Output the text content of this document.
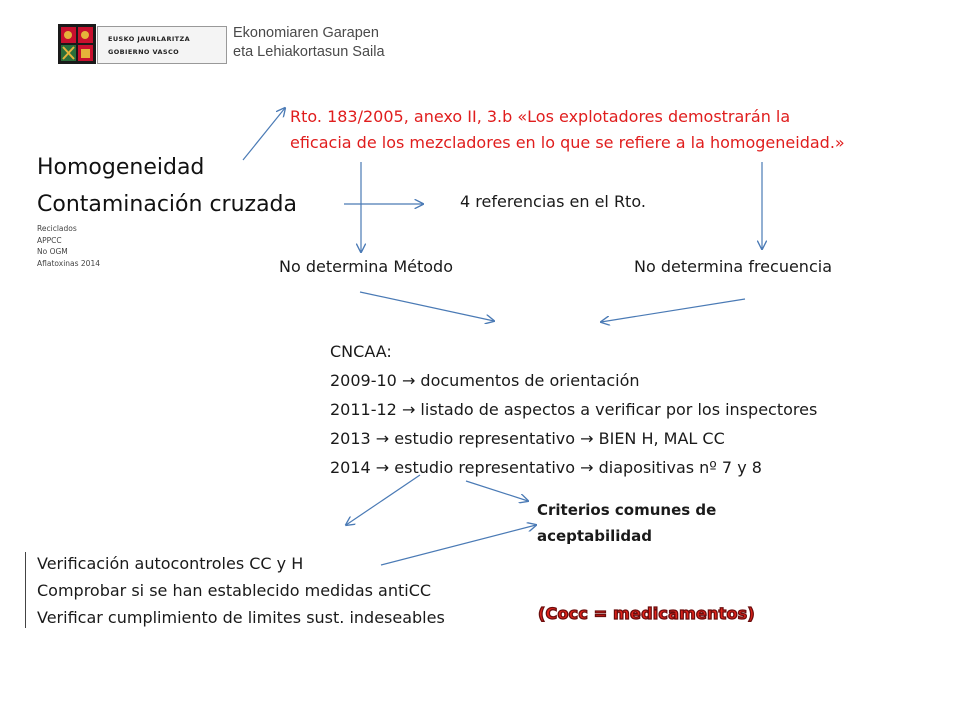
EUSKO JAURLARITZA
GOBIERNO VASCO
Ekonomiaren Garapen
eta Lehiakortasun Saila
Rto. 183/2005, anexo II, 3.b «Los explotadores demostrarán la
eficacia de los mezcladores en lo que se refiere a la homogeneidad.»
Homogeneidad
Contaminación cruzada
Reciclados
APPCC
No OGM
Aflatoxinas 2014
4 referencias en el Rto.
No determina Método	No determina frecuencia
CNCAA:
2009-10 → documentos de orientación
2011-12 → listado de aspectos a verificar por los inspectores
2013 → estudio representativo → BIEN H, MAL CC
2014 → estudio representativo → diapositivas nº 7 y 8
Criterios comunes de
aceptabilidad
Verificación autocontroles CC y H
Comprobar si se han establecido medidas antiCC
Verificar cumplimiento de limites sust. indeseables	(Cocc = medicamentos)
